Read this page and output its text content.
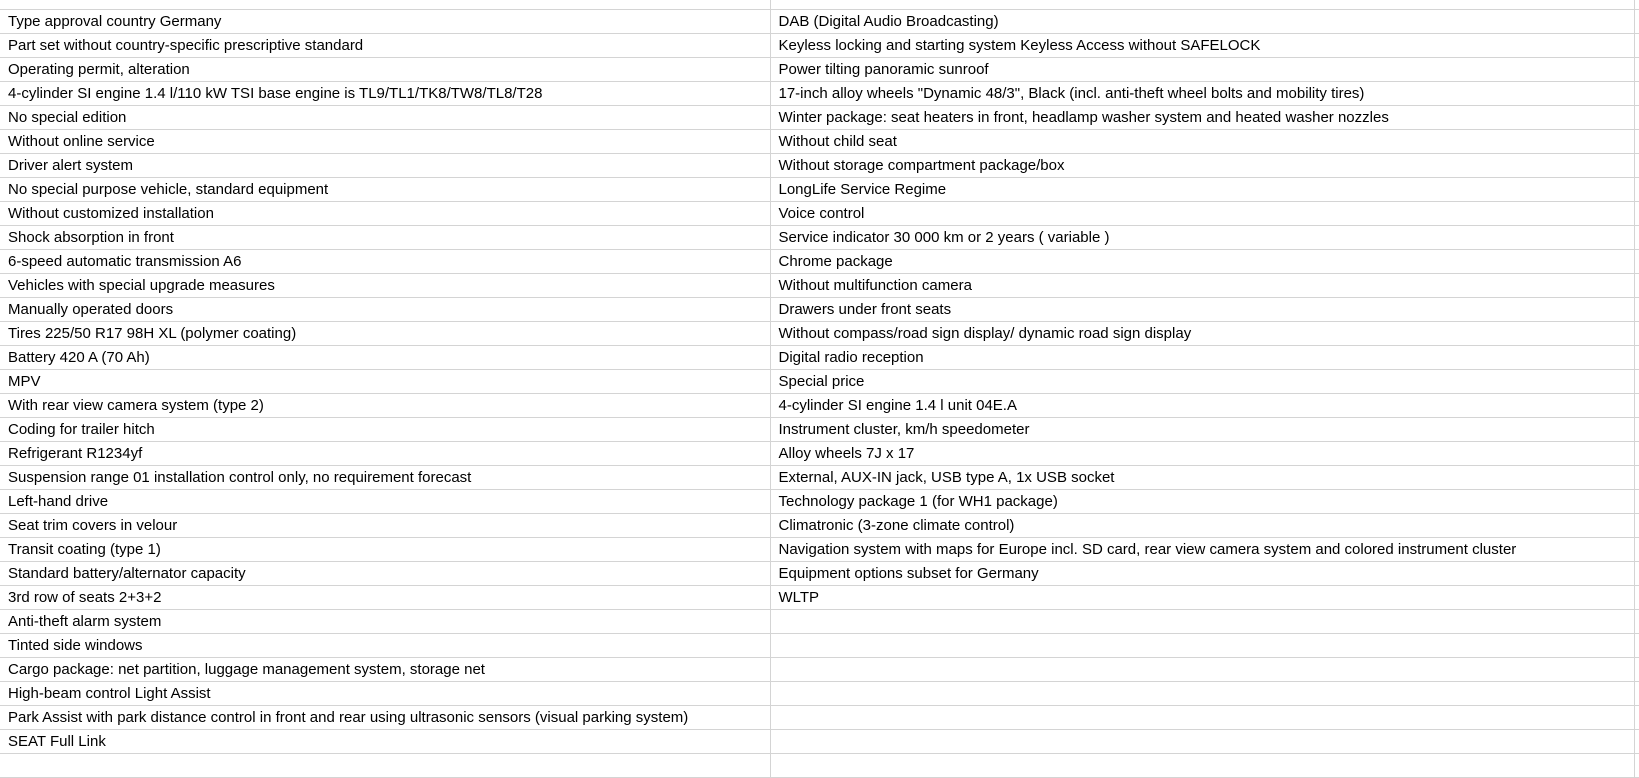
Type approval country Germany	DAB (Digital Audio Broadcasting)	
Part set without country-specific prescriptive standard	Keyless locking and starting system Keyless Access without SAFELOCK	
Operating permit, alteration	Power tilting panoramic sunroof	
4-cylinder SI engine 1.4 l/110 kW TSI base engine is TL9/TL1/TK8/TW8/TL8/T28	17-inch alloy wheels "Dynamic 48/3", Black (incl. anti-theft wheel bolts and mobility tires)	
No special edition	Winter package: seat heaters in front, headlamp washer system and heated washer nozzles	
Without online service	Without child seat	
Driver alert system	Without storage compartment package/box	
No special purpose vehicle, standard equipment	LongLife Service Regime	
Without customized installation	Voice control	
Shock absorption in front	Service indicator 30 000 km or 2 years ( variable )	
6-speed automatic transmission A6	Chrome package	
Vehicles with special upgrade measures	Without multifunction camera	
Manually operated doors	Drawers under front seats	
Tires 225/50 R17 98H XL (polymer coating)	Without compass/road sign display/ dynamic road sign display	
Battery 420 A (70 Ah)	Digital radio reception	
MPV	Special price	
With rear view camera system (type 2)	4-cylinder SI engine 1.4 l unit 04E.A	
Coding for trailer hitch	Instrument cluster, km/h speedometer	
Refrigerant R1234yf	Alloy wheels 7J x 17	
Suspension range 01 installation control only, no requirement forecast	External, AUX-IN jack, USB type A, 1x USB socket	
Left-hand drive	Technology package 1 (for WH1 package)	
Seat trim covers in velour	Climatronic (3-zone climate control)	
Transit coating (type 1)	Navigation system with maps for Europe incl. SD card, rear view camera system and colored instrument cluster	
Standard battery/alternator capacity	Equipment options subset for Germany	
3rd row of seats 2+3+2	WLTP	
Anti-theft alarm system		
Tinted side windows		
Cargo package: net partition, luggage management system, storage net		
High-beam control Light Assist		
Park Assist with park distance control in front and rear using ultrasonic sensors (visual parking system)		
SEAT Full Link		
